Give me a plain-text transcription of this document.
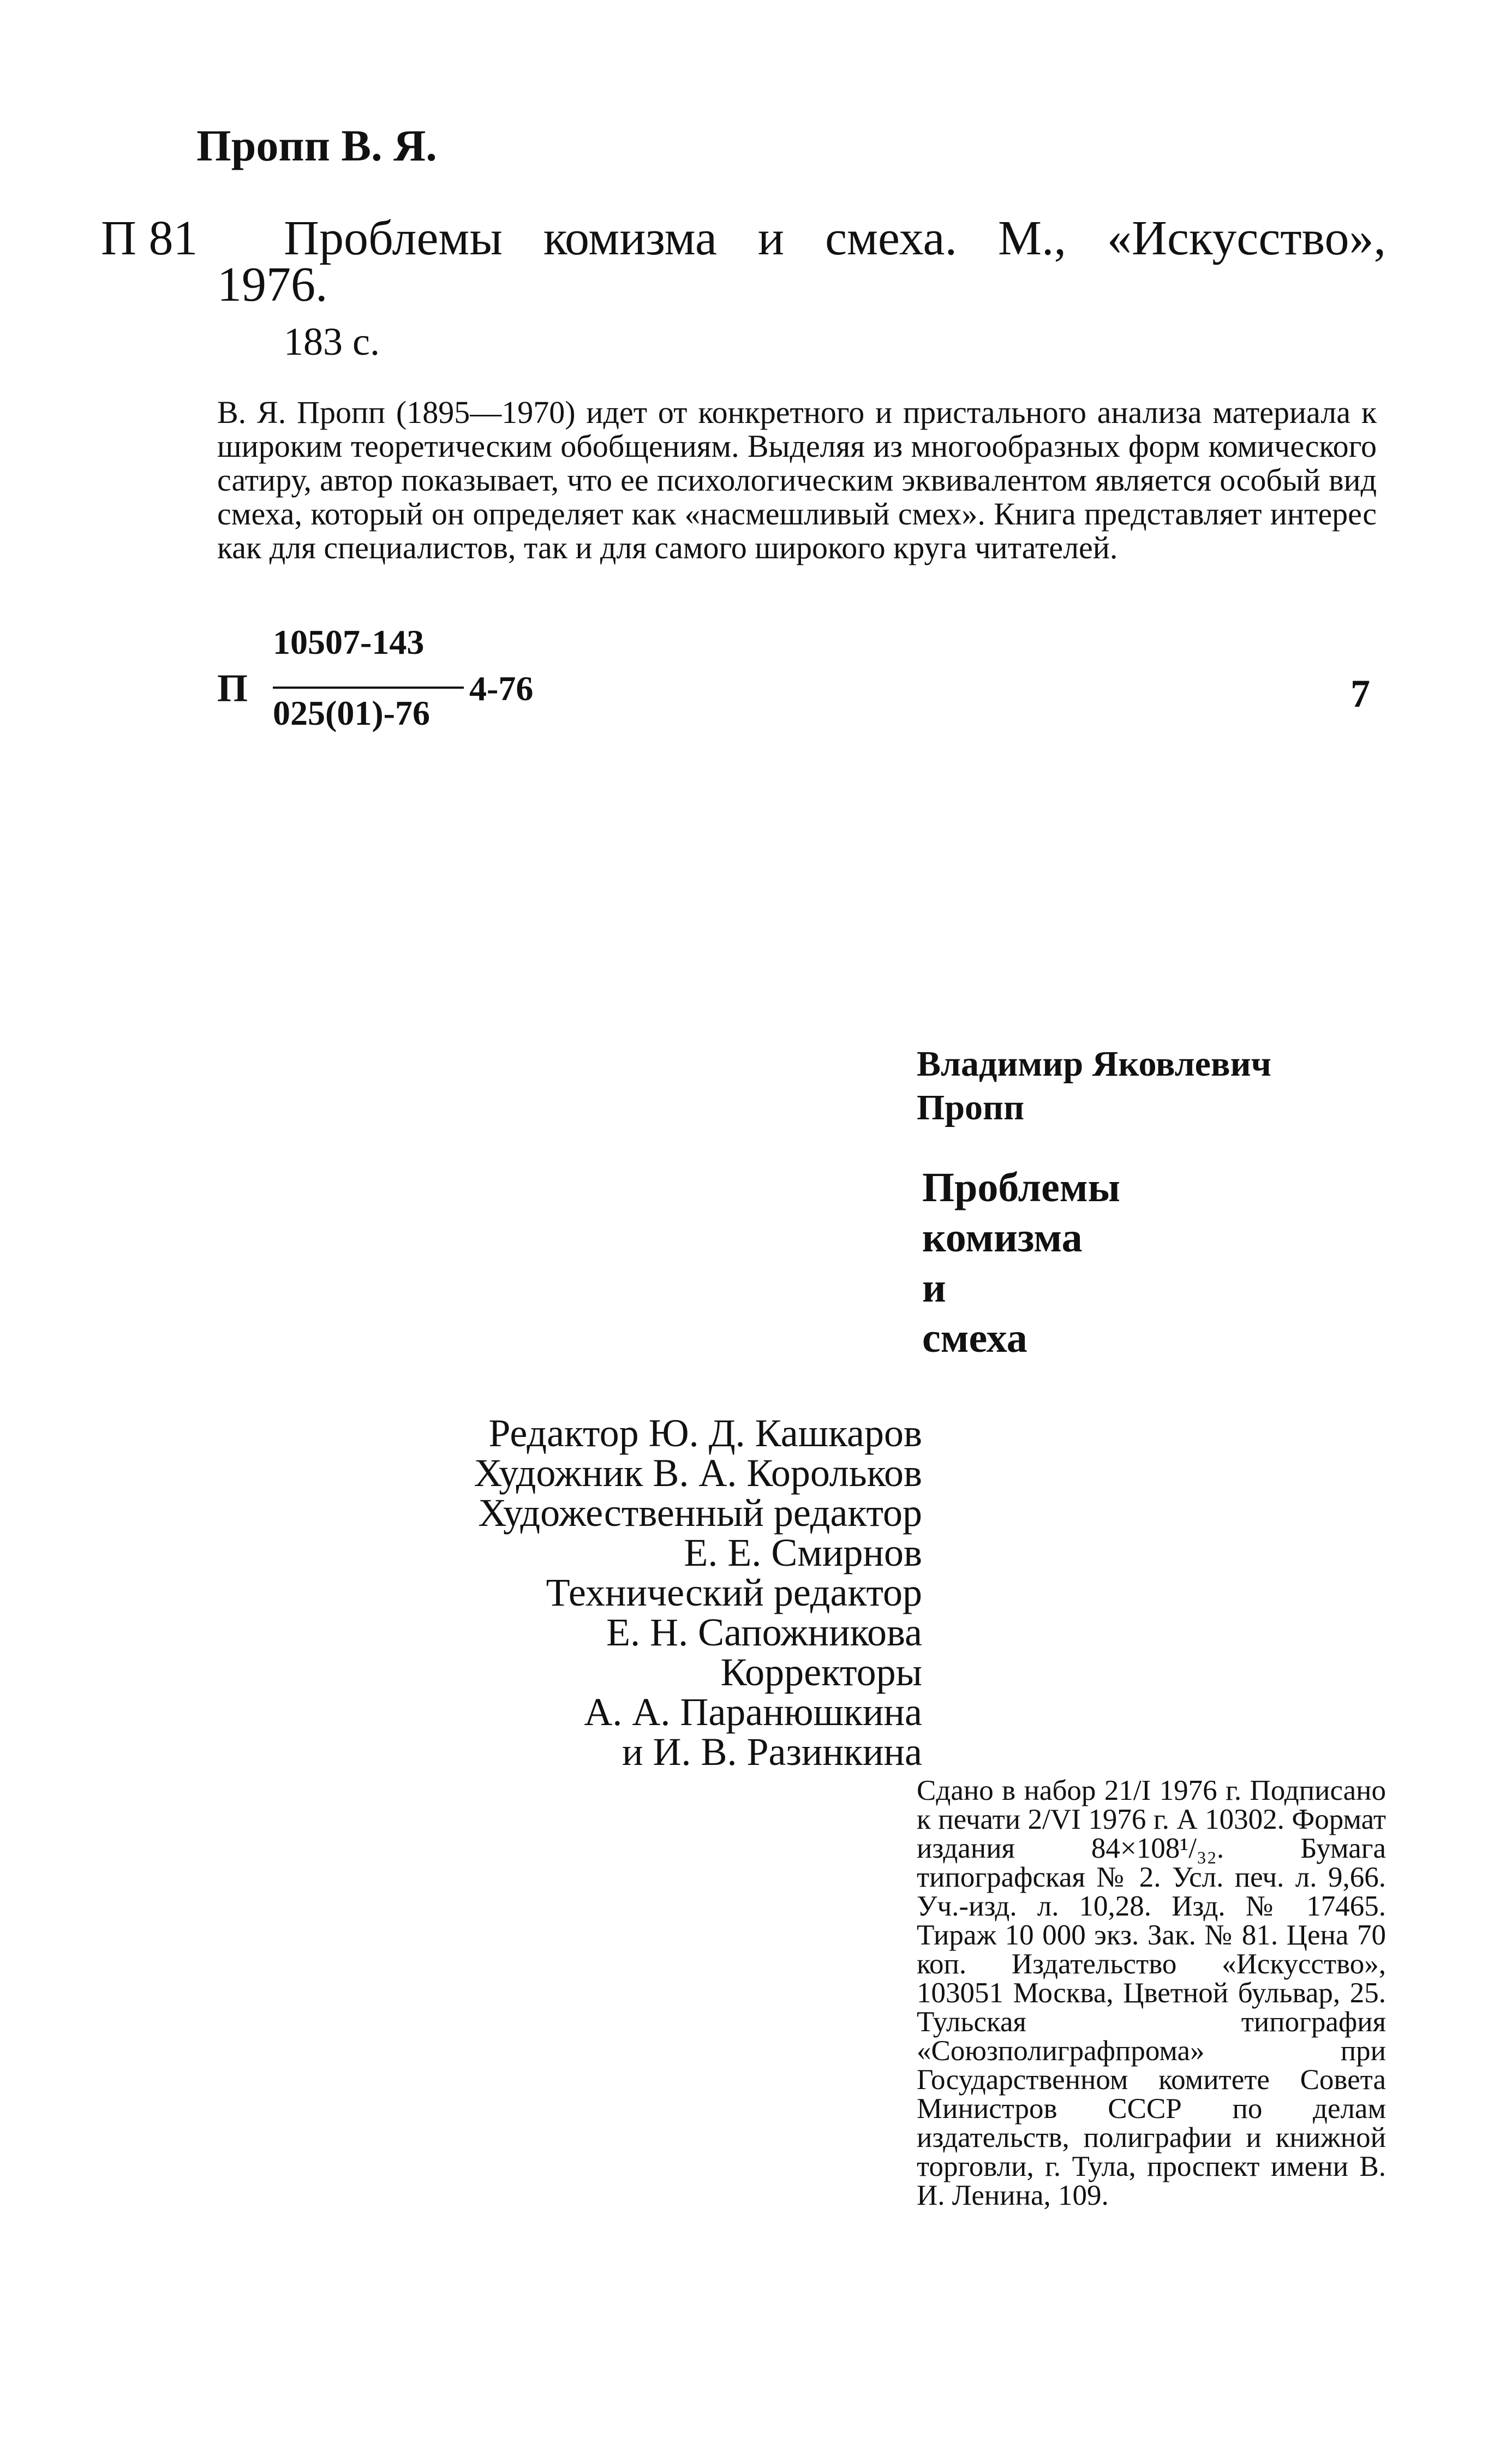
Пропп В. Я.
П 81 Проблемы комизма и смеха. М., «Искусство»,
1976.
183 с.
В. Я. Пропп (1895—1970) идет от конкретного и пристального анализа материала к широким теоретическим обобщениям. Выделяя из многообразных форм комического сатиру, автор показывает, что ее психологическим эквивалентом является особый вид смеха, который он определяет как «насмешливый смех». Книга представляет интерес как для специалистов, так и для самого широкого круга читателей.
П
10507-143
025(01)-76
4-76	7
Владимир Яковлевич
Пропп
Проблемы
комизма
и
смеха
Редактор Ю. Д. Кашкаров
Художник В. А. Корольков
Художественный редактор
Е. Е. Смирнов
Технический редактор
Е. Н. Сапожникова
Корректоры
А. А. Паранюшкина
и И. В. Разинкина
Сдано в набор 21/I 1976 г. Подписано к печати 2/VI 1976 г. А 10302. Формат издания 84×108¹/₃₂. Бумага типографская № 2. Усл. печ. л. 9,66. Уч.-изд. л. 10,28. Изд. № 17465. Тираж 10 000 экз. Зак. № 81. Цена 70 коп. Издательство «Искусство», 103051 Москва, Цветной бульвар, 25. Тульская типография «Союзполиграфпрома» при Государственном комитете Совета Министров СССР по делам издательств, полиграфии и книжной торговли, г. Тула, проспект имени В. И. Ленина, 109.
